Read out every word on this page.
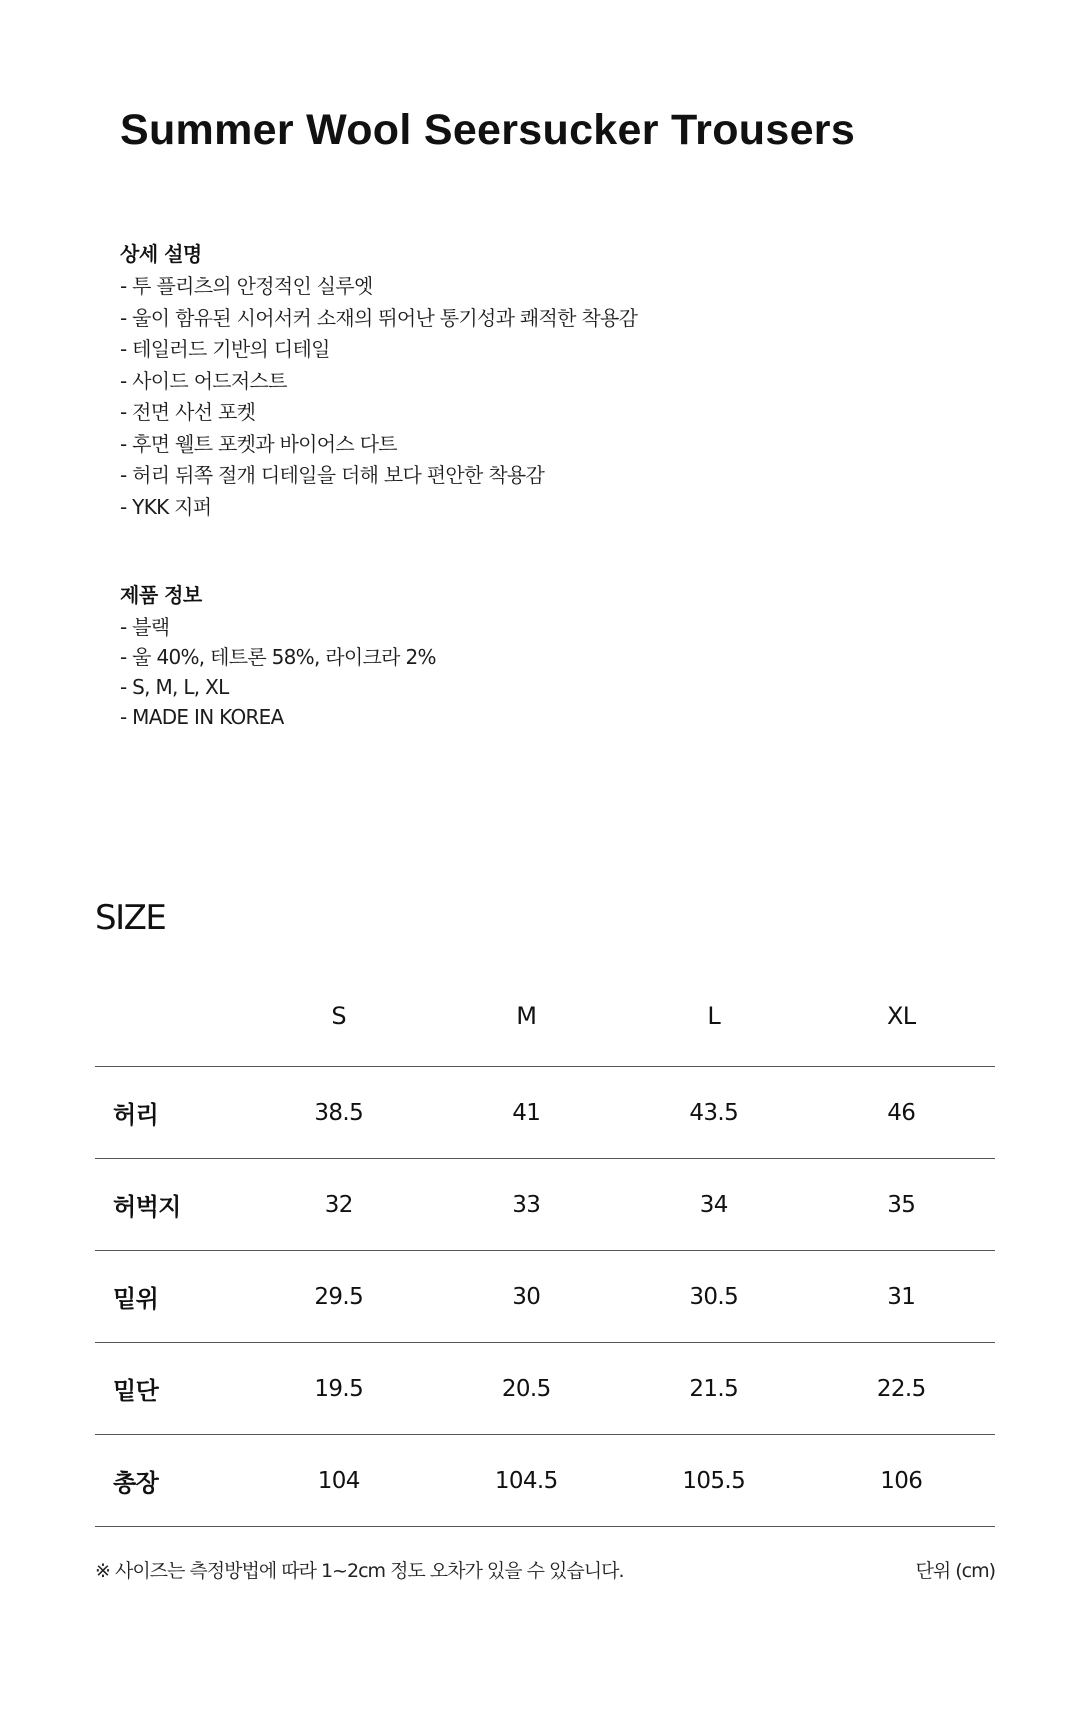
Summer Wool Seersucker Trousers
상세 설명
- 투 플리츠의 안정적인 실루엣
- 울이 함유된 시어서커 소재의 뛰어난 통기성과 쾌적한 착용감
- 테일러드 기반의 디테일
- 사이드 어드저스트
- 전면 사선 포켓
- 후면 웰트 포켓과 바이어스 다트
- 허리 뒤쪽 절개 디테일을 더해 보다 편안한 착용감
- YKK 지퍼
제품 정보
- 블랙
- 울 40%, 테트론 58%, 라이크라 2%
- S, M, L, XL
- MADE IN KOREA
SIZE
	S	M	L	XL
허리	38.5	41	43.5	46
허벅지	32	33	34	35
밑위	29.5	30	30.5	31
밑단	19.5	20.5	21.5	22.5
총장	104	104.5	105.5	106
※ 사이즈는 측정방법에 따라 1~2cm 정도 오차가 있을 수 있습니다.	단위 (cm)
